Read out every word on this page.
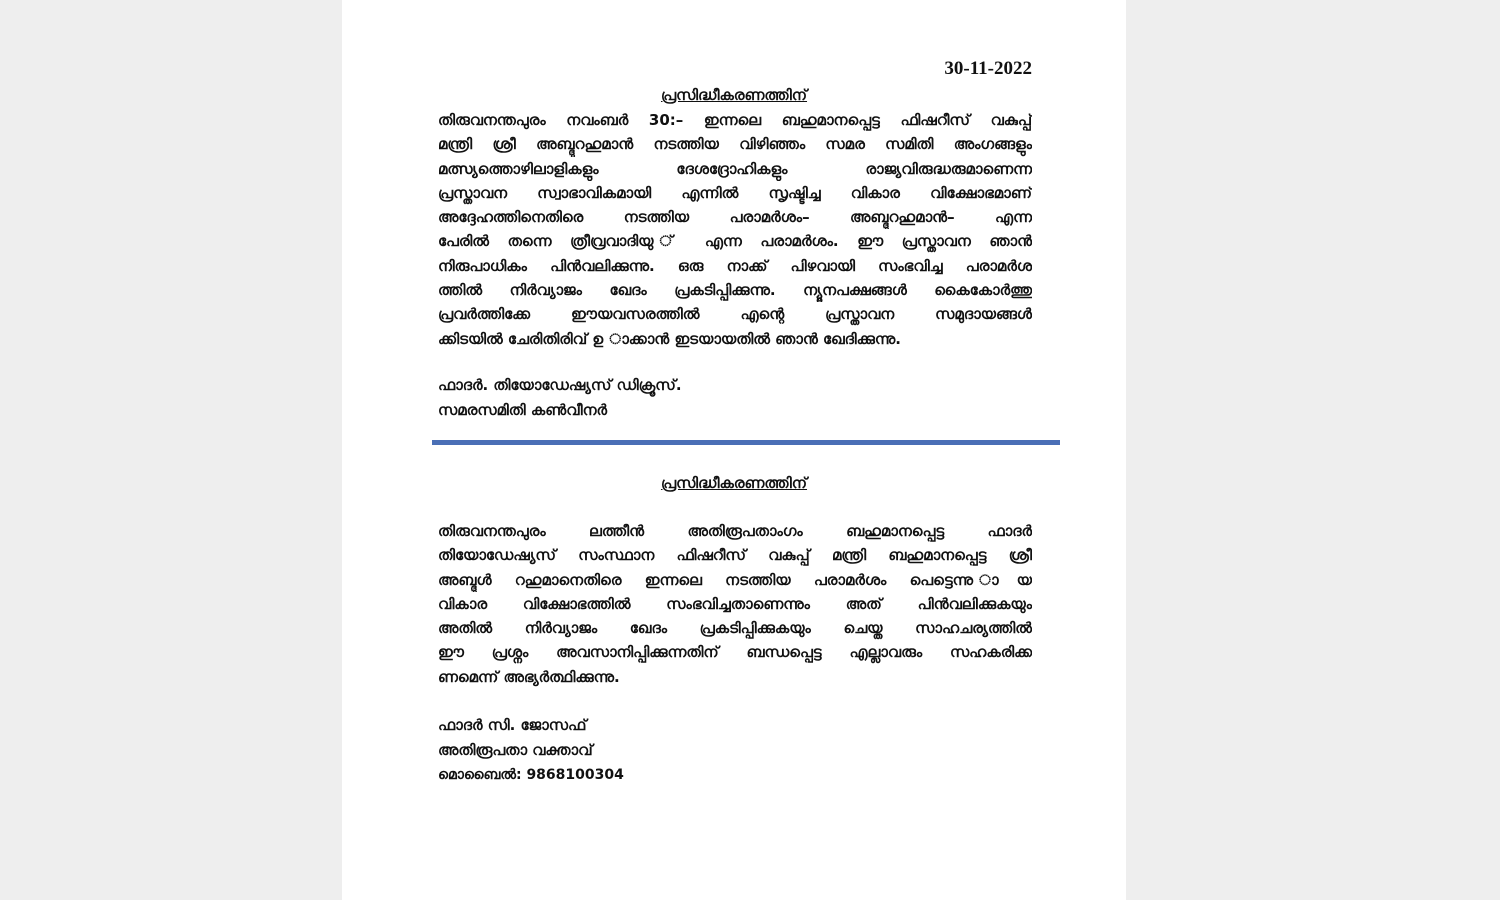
30-11-2022
പ്രസിദ്ധീകരണത്തിന്
തിരുവനന്തപുരം നവംബർ 30:– ഇന്നലെ ബഹുമാനപ്പെട്ട ഫിഷറീസ് വകുപ്പ്
മന്ത്രി ശ്രീ അബ്ദുറഹുമാൻ നടത്തിയ വിഴിഞ്ഞം സമര സമിതി അംഗങ്ങളും
മത്സ്യത്തൊഴിലാളികളും ദേശദ്രോഹികളും രാജ്യവിരുദ്ധരുമാണെന്ന
പ്രസ്താവന സ്വാഭാവികമായി എന്നിൽ സൃഷ്ടിച്ച വികാര വിക്ഷോഭമാണ്
അദ്ദേഹത്തിനെതിരെ നടത്തിയ പരാമർശം– അബ്ദുറഹുമാൻ– എന്ന
പേരിൽ തന്നെ ത്രീവ്രവാദിയു ് എന്ന പരാമർശം. ഈ പ്രസ്താവന ഞാൻ
നിരുപാധികം പിൻവലിക്കുന്നു. ഒരു നാക്ക് പിഴവായി സംഭവിച്ച പരാമർശ
ത്തിൽ നിർവ്യാജം ഖേദം പ്രകടിപ്പിക്കുന്നു. ന്യൂനപക്ഷങ്ങൾ കൈകോർത്തു
പ്രവർത്തിക്കേ ഈയവസരത്തിൽ എന്റെ പ്രസ്താവന സമുദായങ്ങൾ
ക്കിടയിൽ ചേരിതിരിവ് ഉ ാക്കാൻ ഇടയായതിൽ ഞാൻ ഖേദിക്കുന്നു.
ഫാദർ. തിയോഡേഷ്യസ് ഡിക്രൂസ്.
സമരസമിതി കൺവീനർ
പ്രസിദ്ധീകരണത്തിന്
തിരുവനന്തപുരം ലത്തീൻ അതിരൂപതാംഗം ബഹുമാനപ്പെട്ട ഫാദർ
തിയോഡേഷ്യസ് സംസ്ഥാന ഫിഷറീസ് വകുപ്പ് മന്ത്രി ബഹുമാനപ്പെട്ട ശ്രീ
അബ്ദുൾ റഹുമാനെതിരെ ഇന്നലെ നടത്തിയ പരാമർശം പെട്ടെന്നു ായ
വികാര വിക്ഷോഭത്തിൽ സംഭവിച്ചതാണെന്നും അത് പിൻവലിക്കുകയും
അതിൽ നിർവ്യാജം ഖേദം പ്രകടിപ്പിക്കുകയും ചെയ്ത സാഹചര്യത്തിൽ
ഈ പ്രശ്നം അവസാനിപ്പിക്കുന്നതിന് ബന്ധപ്പെട്ട എല്ലാവരും സഹകരിക്ക
ണമെന്ന് അഭ്യർത്ഥിക്കുന്നു.
ഫാദർ സി. ജോസഫ്
അതിരൂപതാ വക്താവ്
മൊബൈൽ: 9868100304
